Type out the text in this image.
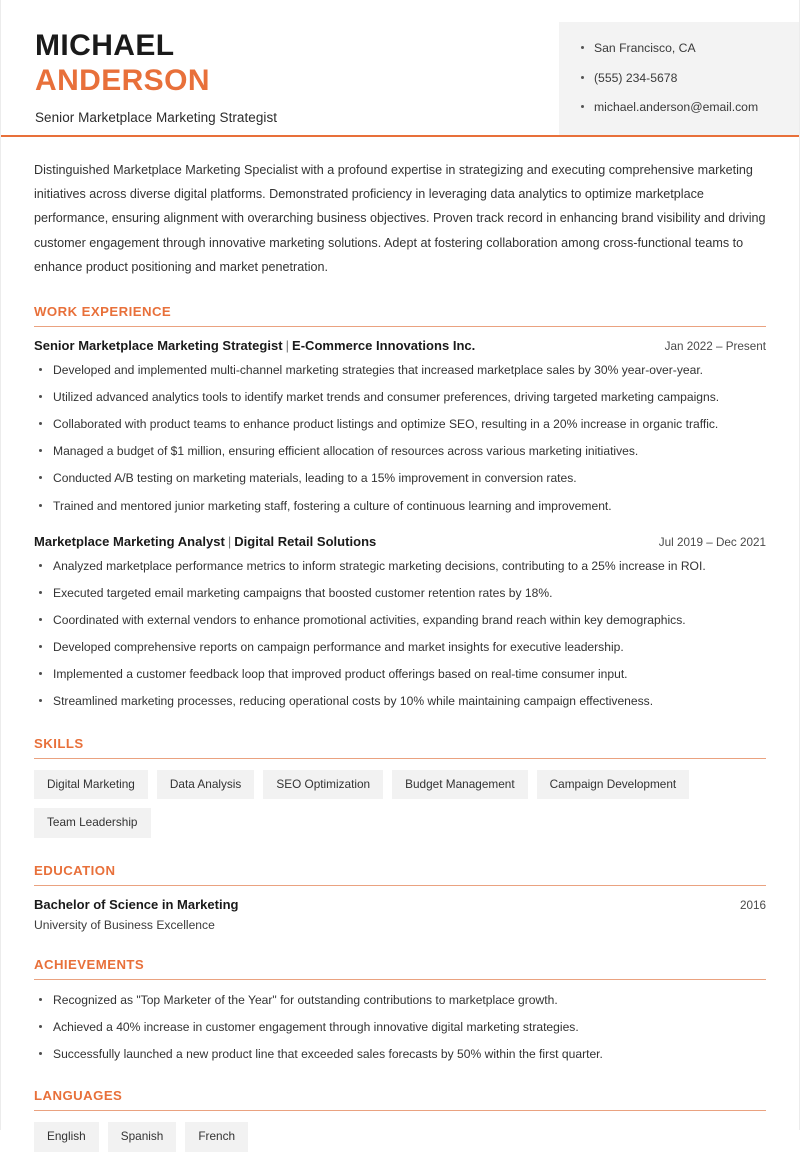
MICHAEL
ANDERSON
Senior Marketplace Marketing Strategist
San Francisco, CA
(555) 234-5678
michael.anderson@email.com
Distinguished Marketplace Marketing Specialist with a profound expertise in strategizing and executing comprehensive marketing initiatives across diverse digital platforms. Demonstrated proficiency in leveraging data analytics to optimize marketplace performance, ensuring alignment with overarching business objectives. Proven track record in enhancing brand visibility and driving customer engagement through innovative marketing solutions. Adept at fostering collaboration among cross-functional teams to enhance product positioning and market penetration.
WORK EXPERIENCE
Senior Marketplace Marketing Strategist | E-Commerce Innovations Inc.	Jan 2022 – Present
Developed and implemented multi-channel marketing strategies that increased marketplace sales by 30% year-over-year.
Utilized advanced analytics tools to identify market trends and consumer preferences, driving targeted marketing campaigns.
Collaborated with product teams to enhance product listings and optimize SEO, resulting in a 20% increase in organic traffic.
Managed a budget of $1 million, ensuring efficient allocation of resources across various marketing initiatives.
Conducted A/B testing on marketing materials, leading to a 15% improvement in conversion rates.
Trained and mentored junior marketing staff, fostering a culture of continuous learning and improvement.
Marketplace Marketing Analyst | Digital Retail Solutions	Jul 2019 – Dec 2021
Analyzed marketplace performance metrics to inform strategic marketing decisions, contributing to a 25% increase in ROI.
Executed targeted email marketing campaigns that boosted customer retention rates by 18%.
Coordinated with external vendors to enhance promotional activities, expanding brand reach within key demographics.
Developed comprehensive reports on campaign performance and market insights for executive leadership.
Implemented a customer feedback loop that improved product offerings based on real-time consumer input.
Streamlined marketing processes, reducing operational costs by 10% while maintaining campaign effectiveness.
SKILLS
Digital Marketing	Data Analysis	SEO Optimization	Budget Management	Campaign Development
Team Leadership
EDUCATION
Bachelor of Science in Marketing	2016
University of Business Excellence
ACHIEVEMENTS
Recognized as "Top Marketer of the Year" for outstanding contributions to marketplace growth.
Achieved a 40% increase in customer engagement through innovative digital marketing strategies.
Successfully launched a new product line that exceeded sales forecasts by 50% within the first quarter.
LANGUAGES
English	Spanish	French
